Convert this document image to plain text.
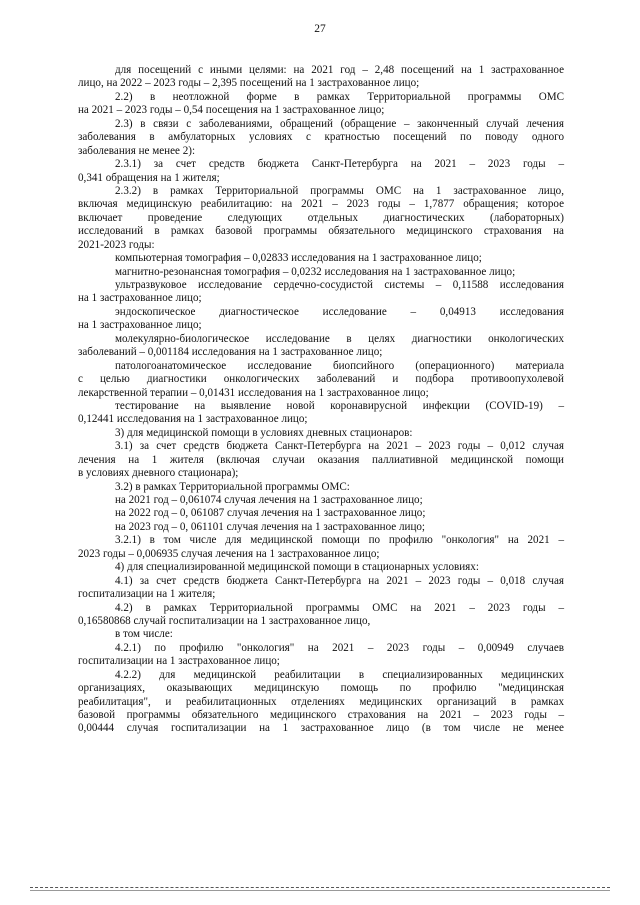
27
для посещений с иными целями: на 2021 год – 2,48 посещений на 1 застрахованное
лицо, на 2022 – 2023 годы – 2,395 посещений на 1 застрахованное лицо;
2.2) в неотложной форме в рамках Территориальной программы ОМС
на 2021 – 2023 годы – 0,54 посещения на 1 застрахованное лицо;
2.3) в связи с заболеваниями, обращений (обращение – законченный случай лечения
заболевания в амбулаторных условиях с кратностью посещений по поводу одного
заболевания не менее 2):
2.3.1) за счет средств бюджета Санкт-Петербурга на 2021 – 2023 годы –
0,341 обращения на 1 жителя;
2.3.2) в рамках Территориальной программы ОМС на 1 застрахованное лицо,
включая медицинскую реабилитацию: на 2021 – 2023 годы – 1,7877 обращения; которое
включает проведение следующих отдельных диагностических (лабораторных)
исследований в рамках базовой программы обязательного медицинского страхования на
2021-2023 годы:
компьютерная томография – 0,02833 исследования на 1 застрахованное лицо;
магнитно-резонансная томография – 0,0232 исследования на 1 застрахованное лицо;
ультразвуковое исследование сердечно-сосудистой системы – 0,11588 исследования
на 1 застрахованное лицо;
эндоскопическое диагностическое исследование – 0,04913 исследования
на 1 застрахованное лицо;
молекулярно-биологическое исследование в целях диагностики онкологических
заболеваний – 0,001184 исследования на 1 застрахованное лицо;
патологоанатомическое исследование биопсийного (операционного) материала
с целью диагностики онкологических заболеваний и подбора противоопухолевой
лекарственной терапии – 0,01431 исследования на 1 застрахованное лицо;
тестирование на выявление новой коронавирусной инфекции (COVID-19) –
0,12441 исследования на 1 застрахованное лицо;
3) для медицинской помощи в условиях дневных стационаров:
3.1) за счет средств бюджета Санкт-Петербурга на 2021 – 2023 годы – 0,012 случая
лечения на 1 жителя (включая случаи оказания паллиативной медицинской помощи
в условиях дневного стационара);
3.2) в рамках Территориальной программы ОМС:
на 2021 год – 0,061074 случая лечения на 1 застрахованное лицо;
на 2022 год – 0, 061087 случая лечения на 1 застрахованное лицо;
на 2023 год – 0, 061101 случая лечения на 1 застрахованное лицо;
3.2.1) в том числе для медицинской помощи по профилю "онкология" на 2021 –
2023 годы – 0,006935 случая лечения на 1 застрахованное лицо;
4) для специализированной медицинской помощи в стационарных условиях:
4.1) за счет средств бюджета Санкт-Петербурга на 2021 – 2023 годы – 0,018 случая
госпитализации на 1 жителя;
4.2) в рамках Территориальной программы ОМС на 2021 – 2023 годы –
0,16580868 случай госпитализации на 1 застрахованное лицо,
в том числе:
4.2.1) по профилю "онкология" на 2021 – 2023 годы – 0,00949 случаев
госпитализации на 1 застрахованное лицо;
4.2.2) для медицинской реабилитации в специализированных медицинских
организациях, оказывающих медицинскую помощь по профилю "медицинская
реабилитация", и реабилитационных отделениях медицинских организаций в рамках
базовой программы обязательного медицинского страхования на 2021 – 2023 годы –
0,00444 случая госпитализации на 1 застрахованное лицо (в том числе не менее
